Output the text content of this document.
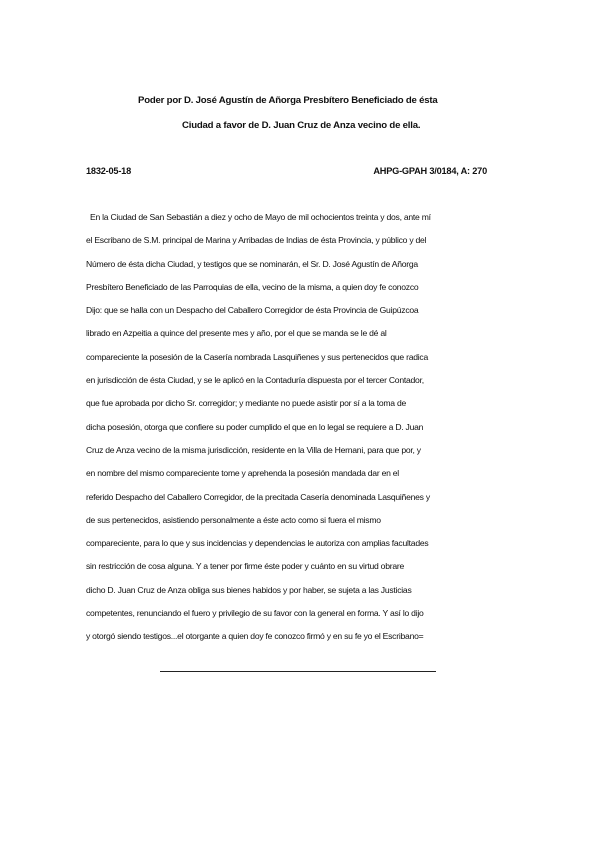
Poder por D. José Agustín de Añorga Presbítero Beneficiado de ésta
Ciudad a favor de D. Juan Cruz de Anza vecino de ella.
1832-05-18	AHPG-GPAH 3/0184, A: 270
En la Ciudad de San Sebastián a diez y ocho de Mayo de mil ochocientos treinta y dos, ante mí
el Escribano de S.M. principal de Marina y Arribadas de Indias de ésta Provincia, y público y del
Número de ésta dicha Ciudad, y testigos que se nominarán, el Sr. D. José Agustín de Añorga
Presbítero Beneficiado de las Parroquias de ella, vecino de la misma, a quien doy fe conozco
Dijo: que se halla con un Despacho del Caballero Corregidor de ésta Provincia de Guipúzcoa
librado en Azpeitia a quince del presente mes y año, por el que se manda se le dé al
compareciente la posesión de la Casería nombrada Lasquiñenes y sus pertenecidos que radica
en jurisdicción de ésta Ciudad, y se le aplicó en la Contaduría dispuesta por el tercer Contador,
que fue aprobada por dicho Sr. corregidor; y mediante no puede asistir por sí a la toma de
dicha posesión, otorga que confiere su poder cumplido el que en lo legal se requiere a D. Juan
Cruz de Anza vecino de la misma jurisdicción, residente en la Villa de Hernani, para que por, y
en nombre del mismo compareciente tome y aprehenda la posesión mandada dar en el
referido Despacho del Caballero Corregidor, de la precitada Casería denominada Lasquiñenes y
de sus pertenecidos, asistiendo personalmente a éste acto como si fuera el mismo
compareciente, para lo que y sus incidencias y dependencias le autoriza con amplias facultades
sin restricción de cosa alguna. Y a tener por firme éste poder y cuánto en su virtud obrare
dicho D. Juan Cruz de Anza obliga sus bienes habidos y por haber, se sujeta a las Justicias
competentes, renunciando el fuero y privilegio de su favor con la general en forma. Y así lo dijo
y otorgó siendo testigos...el otorgante a quien doy fe conozco firmó y en su fe yo el Escribano=
